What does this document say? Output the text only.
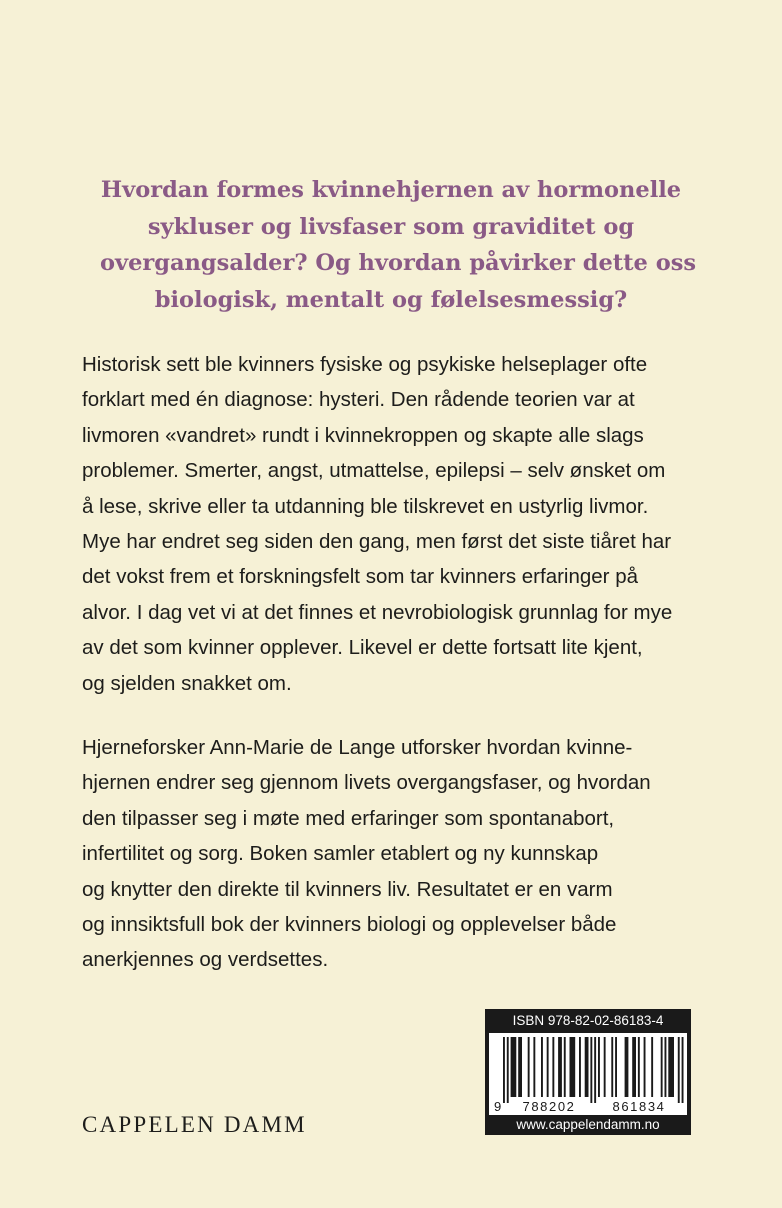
Hvordan formes kvinnehjernen av hormonelle
sykluser og livsfaser som graviditet og
overgangsalder? Og hvordan påvirker dette oss
biologisk, mentalt og følelsesmessig?
Historisk sett ble kvinners fysiske og psykiske helseplager ofte
forklart med én diagnose: hysteri. Den rådende teorien var at
livmoren «vandret» rundt i kvinnekroppen og skapte alle slags
problemer. Smerter, angst, utmattelse, epilepsi – selv ønsket om
å lese, skrive eller ta utdanning ble tilskrevet en ustyrlig livmor.
Mye har endret seg siden den gang, men først det siste tiåret har
det vokst frem et forskningsfelt som tar kvinners erfaringer på
alvor. I dag vet vi at det finnes et nevrobiologisk grunnlag for mye
av det som kvinner opplever. Likevel er dette fortsatt lite kjent,
og sjelden snakket om.
Hjerneforsker Ann-Marie de Lange utforsker hvordan kvinne-
hjernen endrer seg gjennom livets overgangsfaser, og hvordan
den tilpasser seg i møte med erfaringer som spontanabort,
infertilitet og sorg. Boken samler etablert og ny kunnskap
og knytter den direkte til kvinners liv. Resultatet er en varm
og innsiktsfull bok der kvinners biologi og opplevelser både
anerkjennes og verdsettes.
CAPPELEN DAMM
ISBN 978-82-02-86183-4
9 788202	861834
www.cappelendamm.no
